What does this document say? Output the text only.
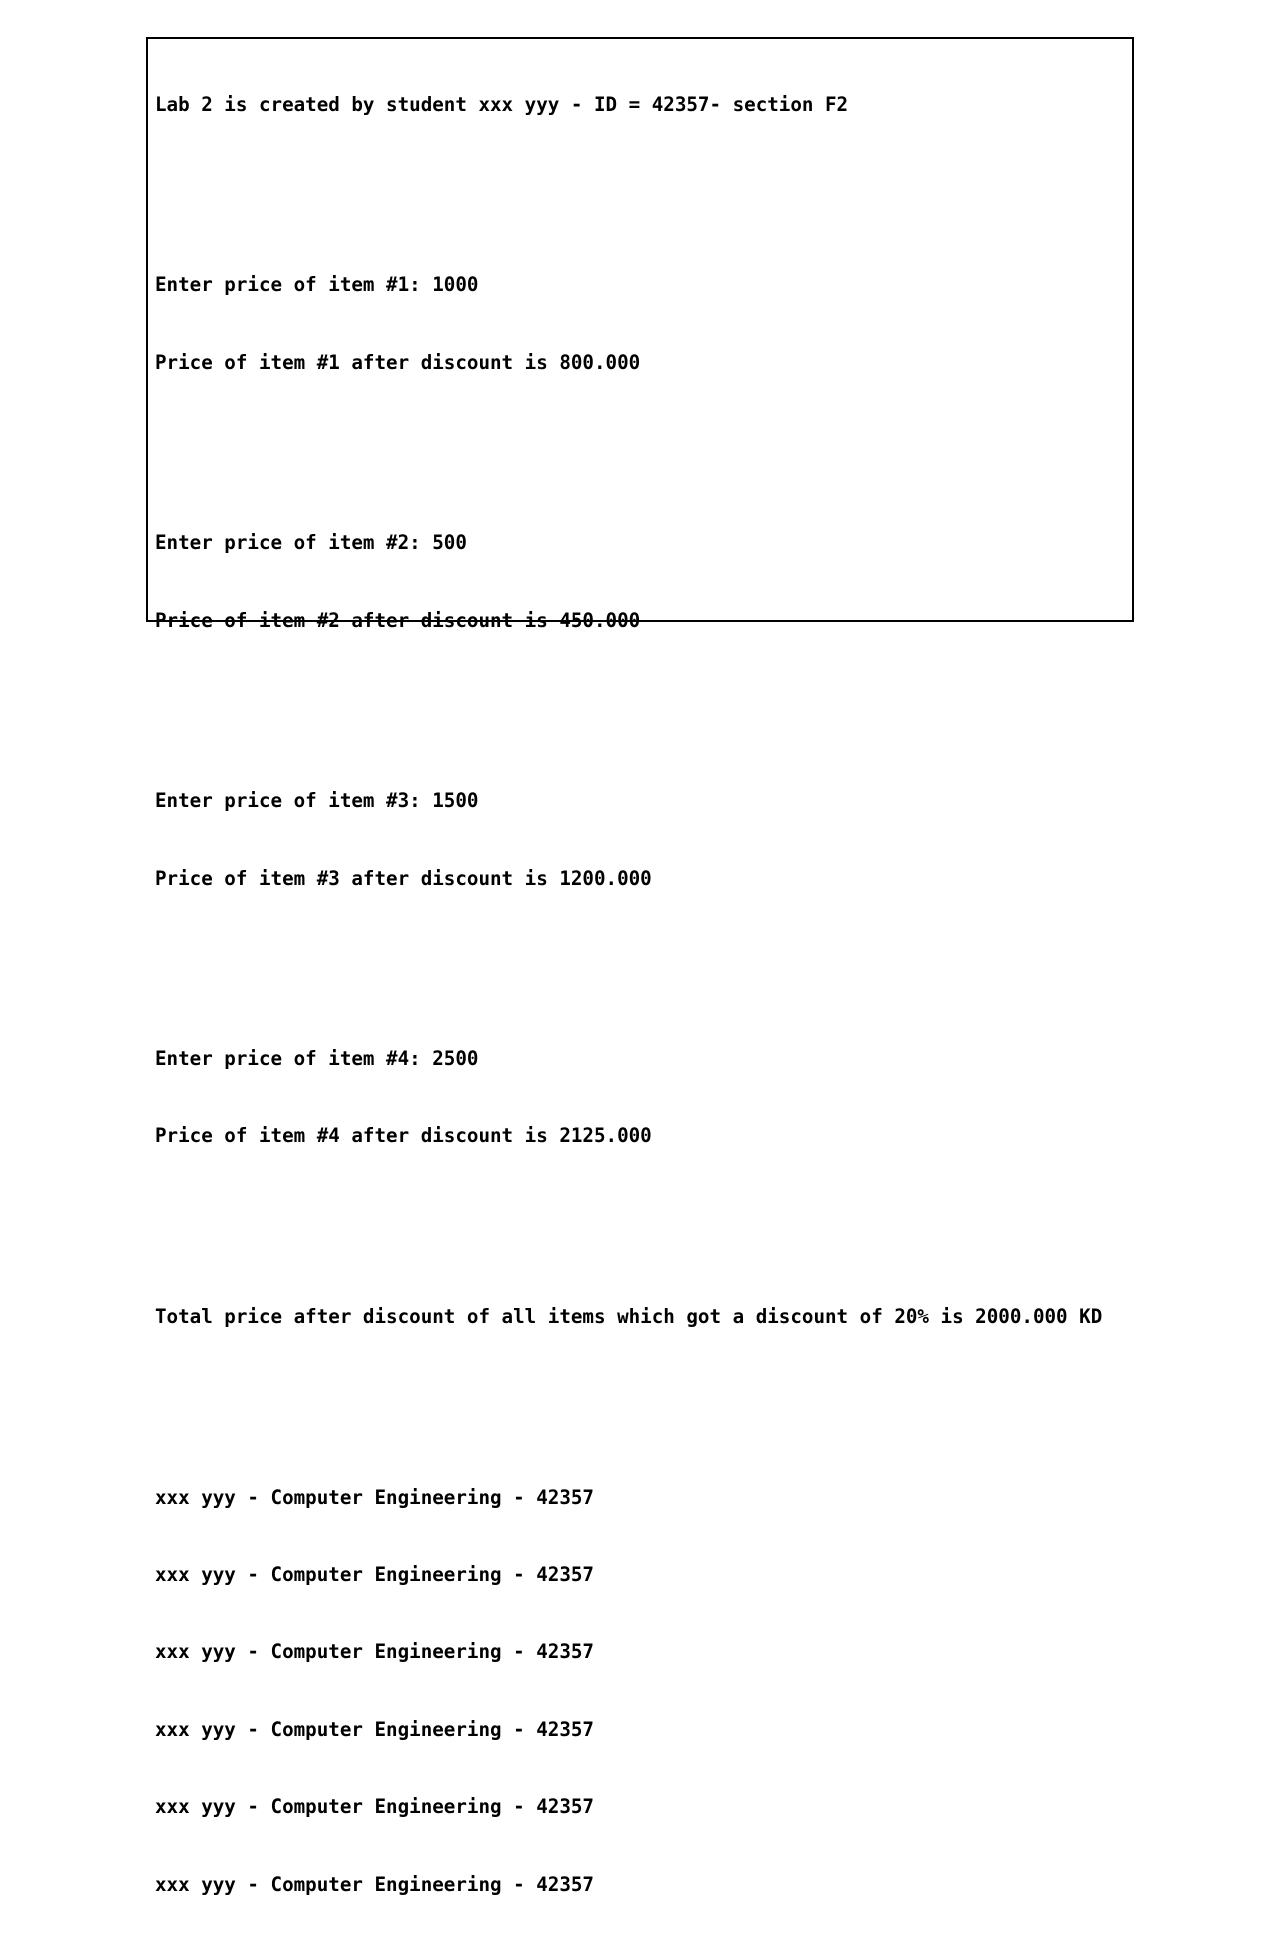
Lab 2 is created by student xxx yyy - ID = 42357- section F2

Enter price of item #1: 1000

Price of item #1 after discount is 800.000

Enter price of item #2: 500

Price of item #2 after discount is 450.000

Enter price of item #3: 1500

Price of item #3 after discount is 1200.000

Enter price of item #4: 2500

Price of item #4 after discount is 2125.000

Total price after discount of all items which got a discount of 20% is 2000.000 KD

xxx yyy - Computer Engineering - 42357

xxx yyy - Computer Engineering - 42357

xxx yyy - Computer Engineering - 42357

xxx yyy - Computer Engineering - 42357

xxx yyy - Computer Engineering - 42357

xxx yyy - Computer Engineering - 42357
